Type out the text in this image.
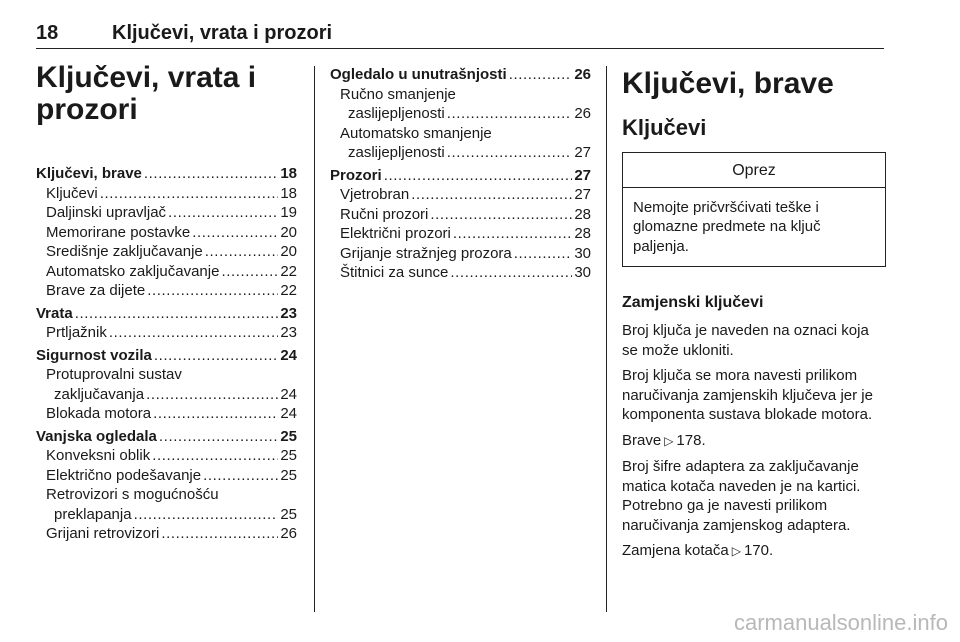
18	Ključevi, vrata i prozori
Ključevi, vrata i prozori
Ključevi, brave .....	18
Ključevi .....	18
Daljinski upravljač .....	19
Memorirane postavke .....	20
Središnje zaključavanje .....	20
Automatsko zaključavanje .....	22
Brave za dijete .....	22
Vrata .....	23
Prtljažnik .....	23
Sigurnost vozila .....	24
Protuprovalni sustav
zaključavanja .....	24
Blokada motora .....	24
Vanjska ogledala .....	25
Konveksni oblik .....	25
Električno podešavanje .....	25
Retrovizori s mogućnošću
preklapanja .....	25
Grijani retrovizori .....	26
Ogledalo u unutrašnjosti .....	26
Ručno smanjenje
zaslijepljenosti .....	26
Automatsko smanjenje
zaslijepljenosti .....	27
Prozori .....	27
Vjetrobran .....	27
Ručni prozori .....	28
Električni prozori .....	28
Grijanje stražnjeg prozora .....	30
Štitnici za sunce .....	30
Ključevi, brave
Ključevi
Oprez
Nemojte pričvršćivati teške i glomazne predmete na ključ paljenja.
Zamjenski ključevi

Broj ključa je naveden na oznaci koja se može ukloniti.

Broj ključa se mora navesti prilikom naručivanja zamjenskih ključeva jer je komponenta sustava blokade motora.

Brave ▷ 178.

Broj šifre adaptera za zaključavanje matica kotača naveden je na kartici. Potrebno ga je navesti prilikom naručivanja zamjenskog adaptera.

Zamjena kotača ▷ 170.

carmanualsonline.info
